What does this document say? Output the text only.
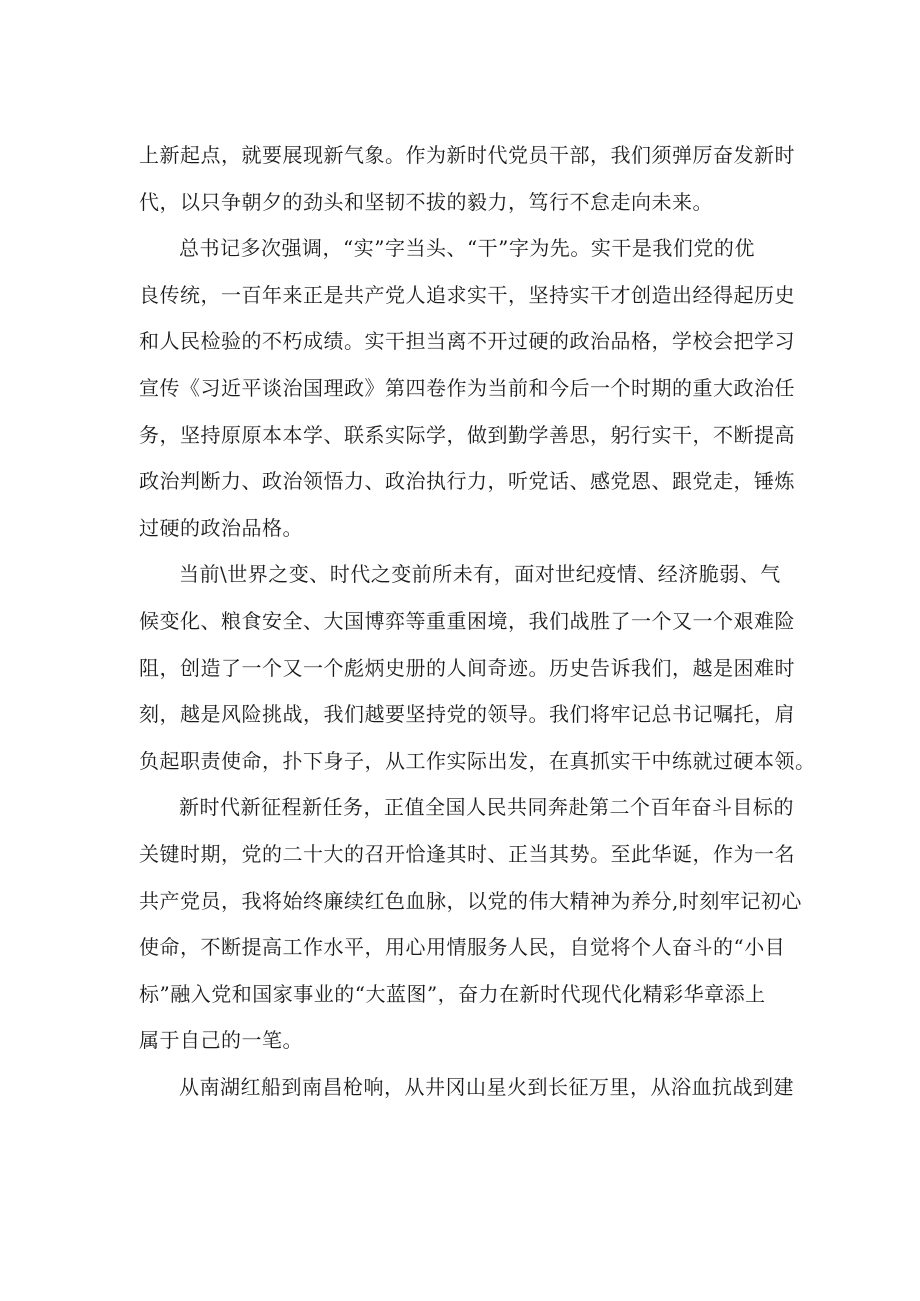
上新起点，就要展现新气象。作为新时代党员干部，我们须弹厉奋发新时
代，以只争朝夕的劲头和坚韧不拔的毅力，笃行不怠走向未来。
总书记多次强调，“实”字当头、“干”字为先。实干是我们党的优
良传统，一百年来正是共产党人追求实干，坚持实干才创造出经得起历史
和人民检验的不朽成绩。实干担当离不开过硬的政治品格，学校会把学习
宣传《习近平谈治国理政》第四卷作为当前和今后一个时期的重大政治任
务，坚持原原本本学、联系实际学，做到勤学善思，躬行实干，不断提高
政治判断力、政治领悟力、政治执行力，听党话、感党恩、跟党走，锤炼
过硬的政治品格。
当前\世界之变、时代之变前所未有，面对世纪疫情、经济脆弱、气
候变化、粮食安全、大国博弈等重重困境，我们战胜了一个又一个艰难险
阻，创造了一个又一个彪炳史册的人间奇迹。历史告诉我们，越是困难时
刻，越是风险挑战，我们越要坚持党的领导。我们将牢记总书记嘱托，肩
负起职责使命，扑下身子，从工作实际出发，在真抓实干中练就过硬本领。
新时代新征程新任务，正值全国人民共同奔赴第二个百年奋斗目标的
关键时期，党的二十大的召开恰逢其时、正当其势。至此华诞，作为一名
共产党员，我将始终廉续红色血脉，以党的伟大精神为养分,时刻牢记初心
使命，不断提高工作水平，用心用情服务人民，自觉将个人奋斗的“小目
标”融入党和国家事业的“大蓝图”，奋力在新时代现代化精彩华章添上
属于自己的一笔。
从南湖红船到南昌枪响，从井冈山星火到长征万里，从浴血抗战到建
